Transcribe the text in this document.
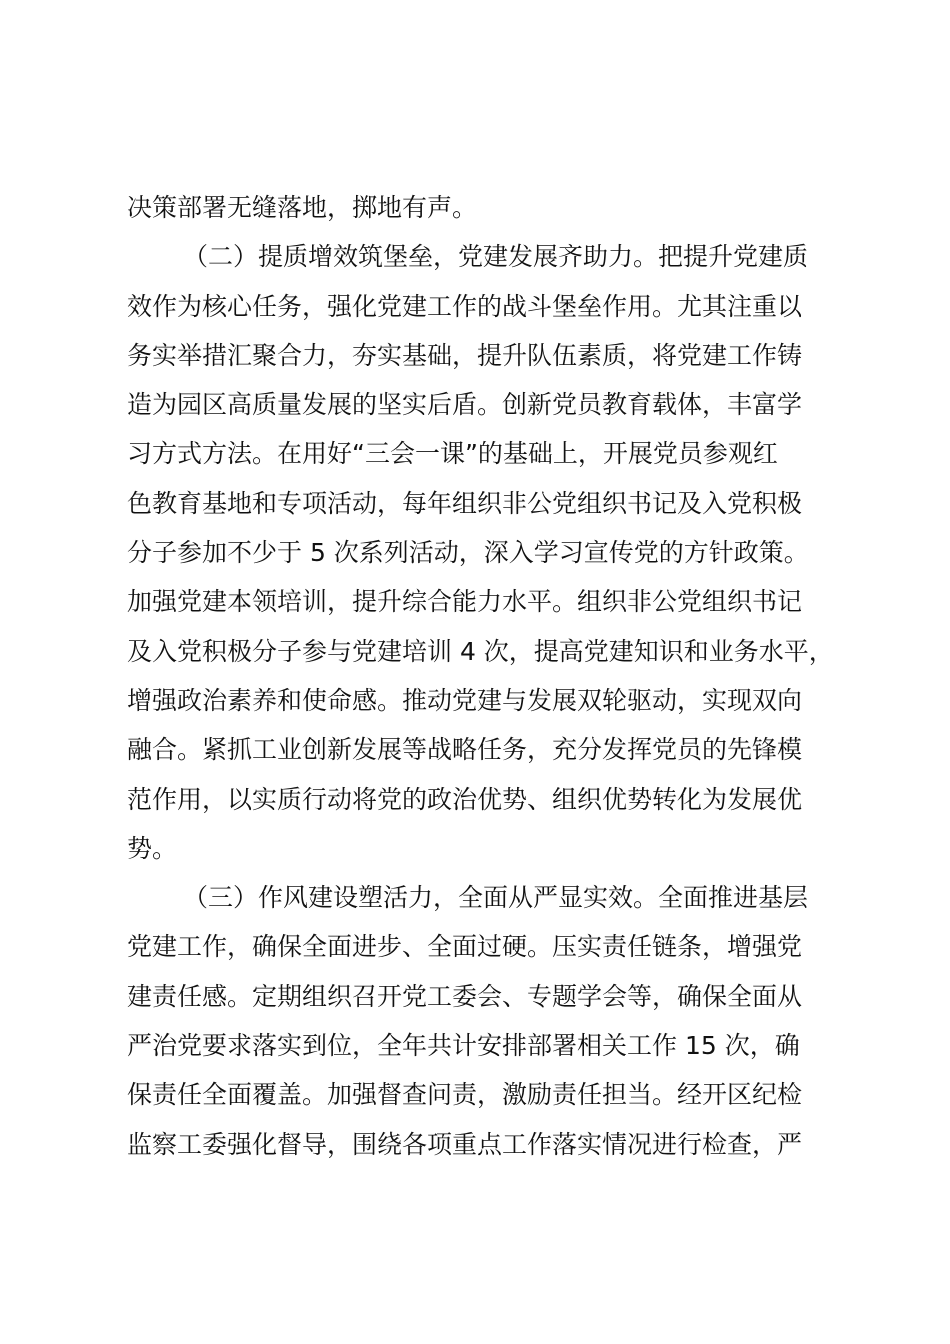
决策部署无缝落地，掷地有声。
（二）提质增效筑堡垒，党建发展齐助力。把提升党建质
效作为核心任务，强化党建工作的战斗堡垒作用。尤其注重以
务实举措汇聚合力，夯实基础，提升队伍素质，将党建工作铸
造为园区高质量发展的坚实后盾。创新党员教育载体，丰富学
习方式方法。在用好“三会一课”的基础上，开展党员参观红
色教育基地和专项活动，每年组织非公党组织书记及入党积极
分子参加不少于 5 次系列活动，深入学习宣传党的方针政策。
加强党建本领培训，提升综合能力水平。组织非公党组织书记
及入党积极分子参与党建培训 4 次，提高党建知识和业务水平，
增强政治素养和使命感。推动党建与发展双轮驱动，实现双向
融合。紧抓工业创新发展等战略任务，充分发挥党员的先锋模
范作用，以实质行动将党的政治优势、组织优势转化为发展优
势。
（三）作风建设塑活力，全面从严显实效。全面推进基层
党建工作，确保全面进步、全面过硬。压实责任链条，增强党
建责任感。定期组织召开党工委会、专题学会等，确保全面从
严治党要求落实到位，全年共计安排部署相关工作 15 次，确
保责任全面覆盖。加强督查问责，激励责任担当。经开区纪检
监察工委强化督导，围绕各项重点工作落实情况进行检查，严
